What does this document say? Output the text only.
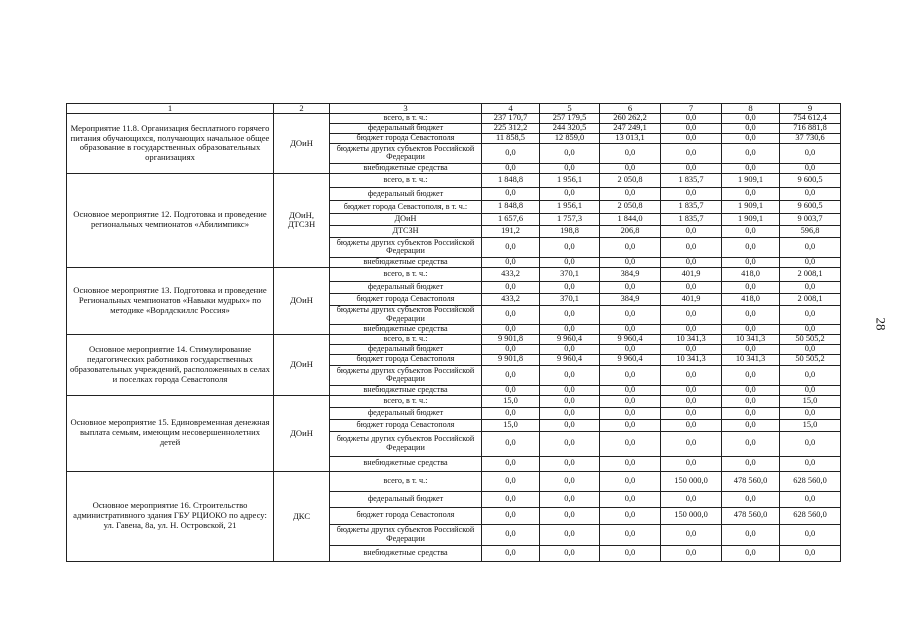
1	2	3	4	5	6	7	8	9
Мероприятие 11.8. Организация бесплатного горячего питания обучающихся, получающих начальное общее образование в государственных образовательных организациях	ДОиН	всего, в т. ч.:	237 170,7	257 179,5	260 262,2	0,0	0,0	754 612,4
		федеральный бюджет	225 312,2	244 320,5	247 249,1	0,0	0,0	716 881,8
		бюджет города Севастополя	11 858,5	12 859,0	13 013,1	0,0	0,0	37 730,6
		бюджеты других субъектов Российской Федерации	0,0	0,0	0,0	0,0	0,0	0,0
		внебюджетные средства	0,0	0,0	0,0	0,0	0,0	0,0
Основное мероприятие 12. Подготовка и проведение региональных чемпионатов «Абилимпикс»	ДОиН, ДТСЗН	всего, в т. ч.:	1 848,8	1 956,1	2 050,8	1 835,7	1 909,1	9 600,5
		федеральный бюджет	0,0	0,0	0,0	0,0	0,0	0,0
		бюджет города Севастополя, в т. ч.:	1 848,8	1 956,1	2 050,8	1 835,7	1 909,1	9 600,5
		ДОиН	1 657,6	1 757,3	1 844,0	1 835,7	1 909,1	9 003,7
		ДТСЗН	191,2	198,8	206,8	0,0	0,0	596,8
		бюджеты других субъектов Российской Федерации	0,0	0,0	0,0	0,0	0,0	0,0
		внебюджетные средства	0,0	0,0	0,0	0,0	0,0	0,0
Основное мероприятие 13. Подготовка и проведение Региональных чемпионатов «Навыки мудрых» по методике «Ворлдскиллс Россия»	ДОиН	всего, в т. ч.:	433,2	370,1	384,9	401,9	418,0	2 008,1
		федеральный бюджет	0,0	0,0	0,0	0,0	0,0	0,0
		бюджет города Севастополя	433,2	370,1	384,9	401,9	418,0	2 008,1
		бюджеты других субъектов Российской Федерации	0,0	0,0	0,0	0,0	0,0	0,0
		внебюджетные средства	0,0	0,0	0,0	0,0	0,0	0,0
Основное мероприятие 14. Стимулирование педагогических работников государственных образовательных учреждений, расположенных в селах и поселках города Севастополя	ДОиН	всего, в т. ч.:	9 901,8	9 960,4	9 960,4	10 341,3	10 341,3	50 505,2
		федеральный бюджет	0,0	0,0	0,0	0,0	0,0	0,0
		бюджет города Севастополя	9 901,8	9 960,4	9 960,4	10 341,3	10 341,3	50 505,2
		бюджеты других субъектов Российской Федерации	0,0	0,0	0,0	0,0	0,0	0,0
		внебюджетные средства	0,0	0,0	0,0	0,0	0,0	0,0
Основное мероприятие 15. Единовременная денежная выплата семьям, имеющим несовершеннолетних детей	ДОиН	всего, в т. ч.:	15,0	0,0	0,0	0,0	0,0	15,0
		федеральный бюджет	0,0	0,0	0,0	0,0	0,0	0,0
		бюджет города Севастополя	15,0	0,0	0,0	0,0	0,0	15,0
		бюджеты других субъектов Российской Федерации	0,0	0,0	0,0	0,0	0,0	0,0
		внебюджетные средства	0,0	0,0	0,0	0,0	0,0	0,0
Основное мероприятие 16. Строительство административного здания ГБУ РЦИОКО по адресу: ул. Гавена, 8а, ул. Н. Островской, 21	ДКС	всего, в т. ч.:	0,0	0,0	0,0	150 000,0	478 560,0	628 560,0
		федеральный бюджет	0,0	0,0	0,0	0,0	0,0	0,0
		бюджет города Севастополя	0,0	0,0	0,0	150 000,0	478 560,0	628 560,0
		бюджеты других субъектов Российской Федерации	0,0	0,0	0,0	0,0	0,0	0,0
		внебюджетные средства	0,0	0,0	0,0	0,0	0,0	0,0
28
